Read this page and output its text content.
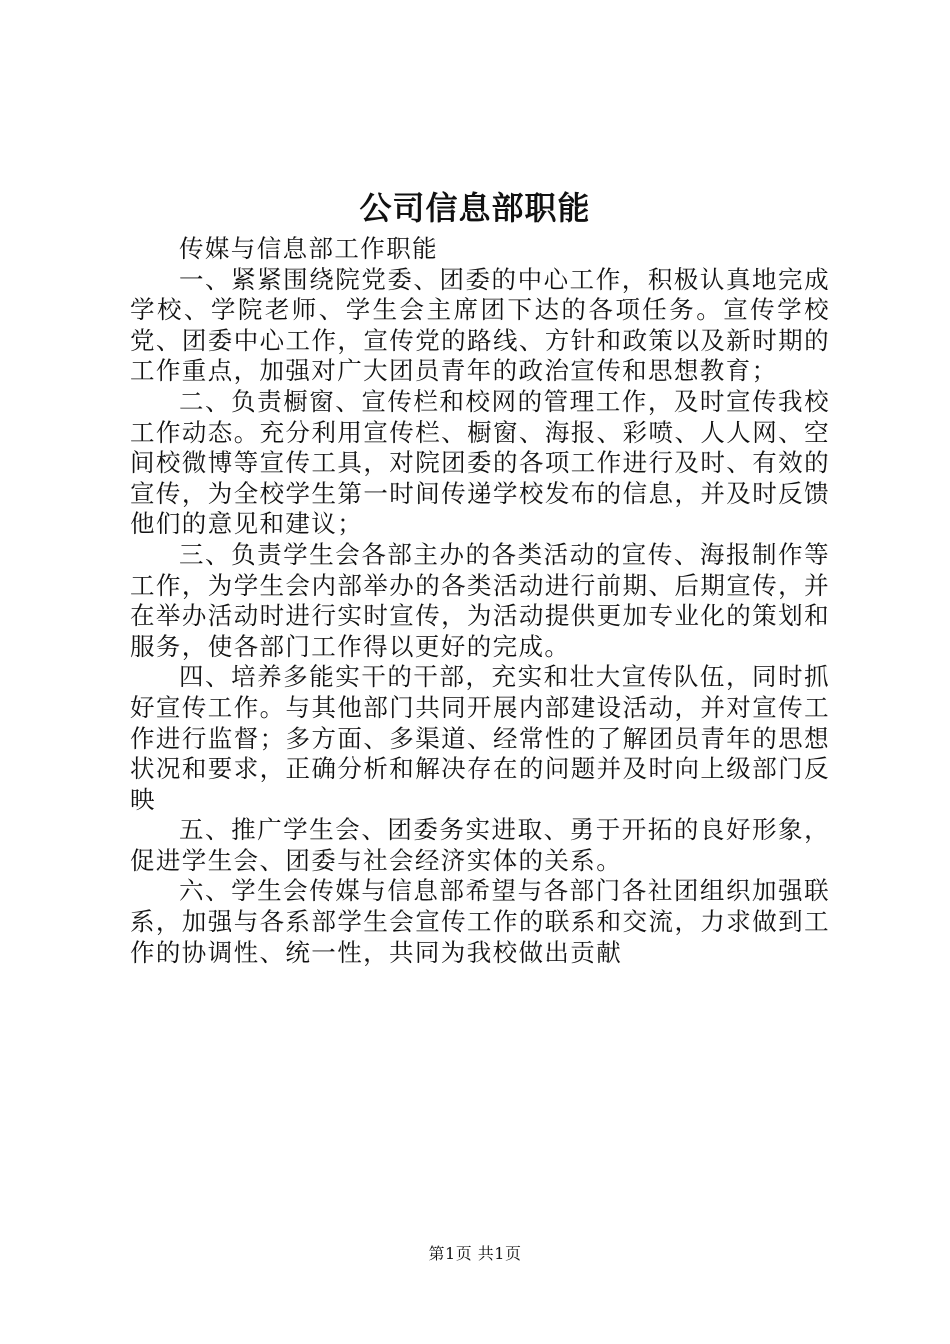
公司信息部职能

传媒与信息部工作职能

一、紧紧围绕院党委、团委的中心工作，积极认真地完成学校、学院老师、学生会主席团下达的各项任务。宣传学校党、团委中心工作，宣传党的路线、方针和政策以及新时期的工作重点，加强对广大团员青年的政治宣传和思想教育；

二、负责橱窗、宣传栏和校网的管理工作，及时宣传我校工作动态。充分利用宣传栏、橱窗、海报、彩喷、人人网、空间校微博等宣传工具，对院团委的各项工作进行及时、有效的宣传，为全校学生第一时间传递学校发布的信息，并及时反馈他们的意见和建议；

三、负责学生会各部主办的各类活动的宣传、海报制作等工作，为学生会内部举办的各类活动进行前期、后期宣传，并在举办活动时进行实时宣传，为活动提供更加专业化的策划和服务，使各部门工作得以更好的完成。

四、培养多能实干的干部，充实和壮大宣传队伍，同时抓好宣传工作。与其他部门共同开展内部建设活动，并对宣传工作进行监督；多方面、多渠道、经常性的了解团员青年的思想状况和要求，正确分析和解决存在的问题并及时向上级部门反映

五、推广学生会、团委务实进取、勇于开拓的良好形象，促进学生会、团委与社会经济实体的关系。

六、学生会传媒与信息部希望与各部门各社团组织加强联系，加强与各系部学生会宣传工作的联系和交流，力求做到工作的协调性、统一性，共同为我校做出贡献

第1页 共1页
